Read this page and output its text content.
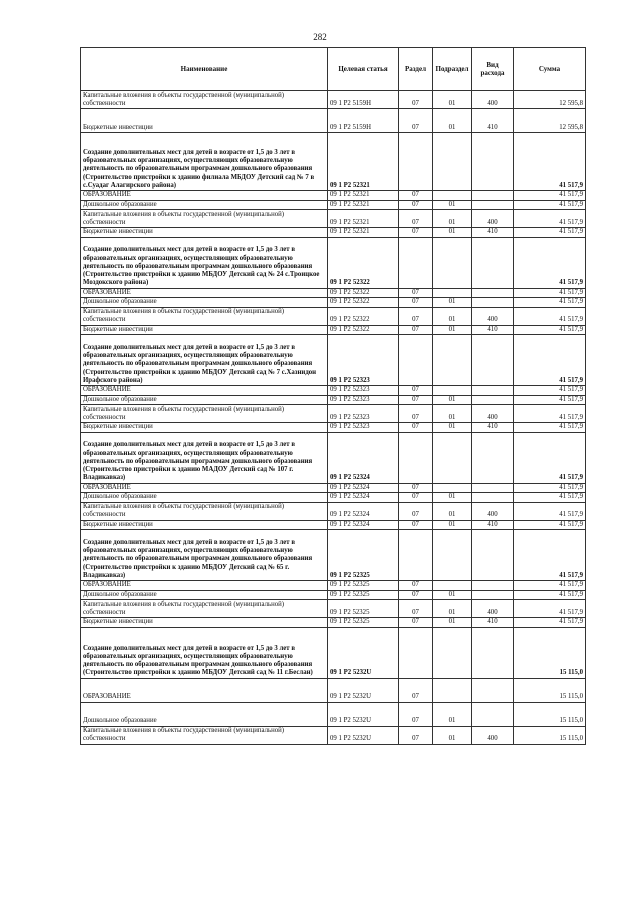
282
Наименование	Целевая статья	Раздел	Подраздел	Вид расхода	Сумма
Капитальные вложения в объекты государственной (муниципальной) собственности	09 1 P2 5159H	07	01	400	12 595,8
Бюджетные инвестиции	09 1 P2 5159H	07	01	410	12 595,8
Создание дополнительных мест для детей в возрасте от 1,5 до 3 лет в образовательных организациях, осуществляющих образовательную деятельность по образовательным программам дошкольного образования (Строительство пристройки к зданию филиала МБДОУ Детский сад № 7 в с.Суадаг Алагирского района)	09 1 P2 52321				41 517,9
ОБРАЗОВАНИЕ	09 1 P2 52321	07			41 517,9
Дошкольное образование	09 1 P2 52321	07	01		41 517,9
Капитальные вложения в объекты государственной (муниципальной) собственности	09 1 P2 52321	07	01	400	41 517,9
Бюджетные инвестиции	09 1 P2 52321	07	01	410	41 517,9
Создание дополнительных мест для детей в возрасте от 1,5 до 3 лет в образовательных организациях, осуществляющих образовательную деятельность по образовательным программам дошкольного образования (Строительство пристройки к зданию МБДОУ Детский сад № 24 с.Троицкое Моздокского района)	09 1 P2 52322				41 517,9
ОБРАЗОВАНИЕ	09 1 P2 52322	07			41 517,9
Дошкольное образование	09 1 P2 52322	07	01		41 517,9
Капитальные вложения в объекты государственной (муниципальной) собственности	09 1 P2 52322	07	01	400	41 517,9
Бюджетные инвестиции	09 1 P2 52322	07	01	410	41 517,9
Создание дополнительных мест для детей в возрасте от 1,5 до 3 лет в образовательных организациях, осуществляющих образовательную деятельность по образовательным программам дошкольного образования (Строительство пристройки к зданию МБДОУ Детский сад № 7 с.Хазнидон Ирафского района)	09 1 P2 52323				41 517,9
ОБРАЗОВАНИЕ	09 1 P2 52323	07			41 517,9
Дошкольное образование	09 1 P2 52323	07	01		41 517,9
Капитальные вложения в объекты государственной (муниципальной) собственности	09 1 P2 52323	07	01	400	41 517,9
Бюджетные инвестиции	09 1 P2 52323	07	01	410	41 517,9
Создание дополнительных мест для детей в возрасте от 1,5 до 3 лет в образовательных организациях, осуществляющих образовательную деятельность по образовательным программам дошкольного образования (Строительство пристройки к зданию МАДОУ Детский сад № 107 г. Владикавказ)	09 1 P2 52324				41 517,9
ОБРАЗОВАНИЕ	09 1 P2 52324	07			41 517,9
Дошкольное образование	09 1 P2 52324	07	01		41 517,9
Капитальные вложения в объекты государственной (муниципальной) собственности	09 1 P2 52324	07	01	400	41 517,9
Бюджетные инвестиции	09 1 P2 52324	07	01	410	41 517,9
Создание дополнительных мест для детей в возрасте от 1,5 до 3 лет в образовательных организациях, осуществляющих образовательную деятельность по образовательным программам дошкольного образования (Строительство пристройки к зданию МБДОУ Детский сад № 65 г. Владикавказ)	09 1 P2 52325				41 517,9
ОБРАЗОВАНИЕ	09 1 P2 52325	07			41 517,9
Дошкольное образование	09 1 P2 52325	07	01		41 517,9
Капитальные вложения в объекты государственной (муниципальной) собственности	09 1 P2 52325	07	01	400	41 517,9
Бюджетные инвестиции	09 1 P2 52325	07	01	410	41 517,9
Создание дополнительных мест для детей в возрасте от 1,5 до 3 лет в образовательных организациях, осуществляющих образовательную деятельность по образовательным программам дошкольного образования (Строительство пристройки к зданию МБДОУ Детский сад № 11 г.Беслан)	09 1 P2 5232U				15 115,0
ОБРАЗОВАНИЕ	09 1 P2 5232U	07			15 115,0
Дошкольное образование	09 1 P2 5232U	07	01		15 115,0
Капитальные вложения в объекты государственной (муниципальной) собственности	09 1 P2 5232U	07	01	400	15 115,0
